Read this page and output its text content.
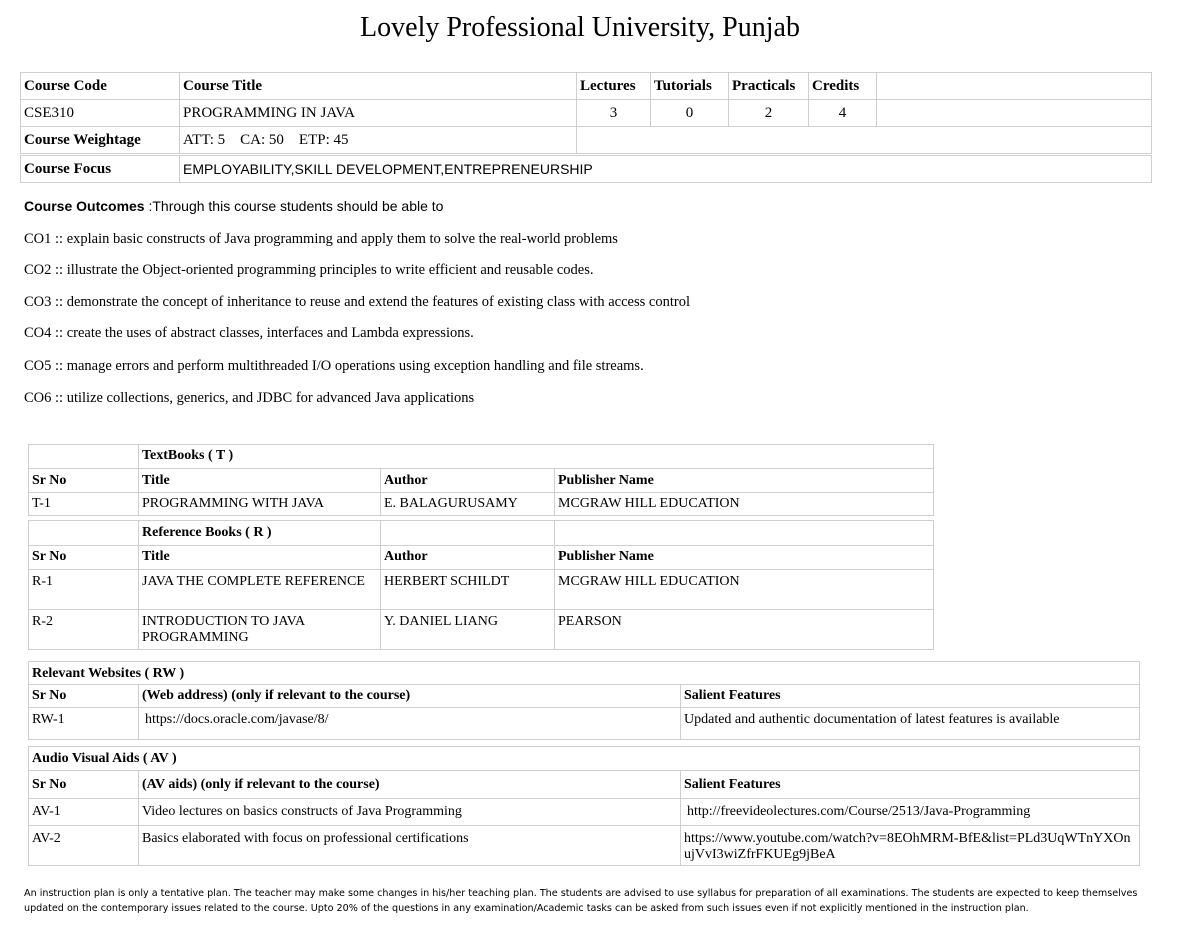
Lovely Professional University, Punjab
Course Code	Course Title	Lectures	Tutorials	Practicals	Credits	
CSE310	PROGRAMMING IN JAVA	3	0	2	4	
Course Weightage	ATT: 5    CA: 50    ETP: 45					
Course Focus	EMPLOYABILITY,SKILL DEVELOPMENT,ENTREPRENEURSHIP
Course Outcomes :Through this course students should be able to
CO1 :: explain basic constructs of Java programming and apply them to solve the real-world problems
CO2 :: illustrate the Object-oriented programming principles to write efficient and reusable codes.
CO3 :: demonstrate the concept of inheritance to reuse and extend the features of existing class with access control
CO4 :: create the uses of abstract classes, interfaces and Lambda expressions.
CO5 :: manage errors and perform multithreaded I/O operations using exception handling and file streams.
CO6 :: utilize collections, generics, and JDBC for advanced Java applications
	TextBooks ( T )		
Sr No	Title	Author	Publisher Name
T-1	PROGRAMMING WITH JAVA	E. BALAGURUSAMY	MCGRAW HILL EDUCATION
	Reference Books ( R )		
Sr No	Title	Author	Publisher Name
R-1	JAVA THE COMPLETE REFERENCE	HERBERT SCHILDT	MCGRAW HILL EDUCATION
R-2	INTRODUCTION TO JAVA PROGRAMMING	Y. DANIEL LIANG	PEARSON
Relevant Websites ( RW )		
Sr No	(Web address) (only if relevant to the course)	Salient Features
RW-1	https://docs.oracle.com/javase/8/	Updated and authentic documentation of latest features is available
Audio Visual Aids ( AV )		
Sr No	(AV aids) (only if relevant to the course)	Salient Features
AV-1	Video lectures on basics constructs of Java Programming	http://freevideolectures.com/Course/2513/Java-Programming
AV-2	Basics elaborated with focus on professional certifications	https://www.youtube.com/watch?v=8EOhMRM-BfE&list=PLd3UqWTnYXOnujVvI3wiZfrFKUEg9jBeA
An instruction plan is only a tentative plan. The teacher may make some changes in his/her teaching plan. The students are advised to use syllabus for preparation of all examinations. The students are expected to keep themselves updated on the contemporary issues related to the course. Upto 20% of the questions in any examination/Academic tasks can be asked from such issues even if not explicitly mentioned in the instruction plan.
